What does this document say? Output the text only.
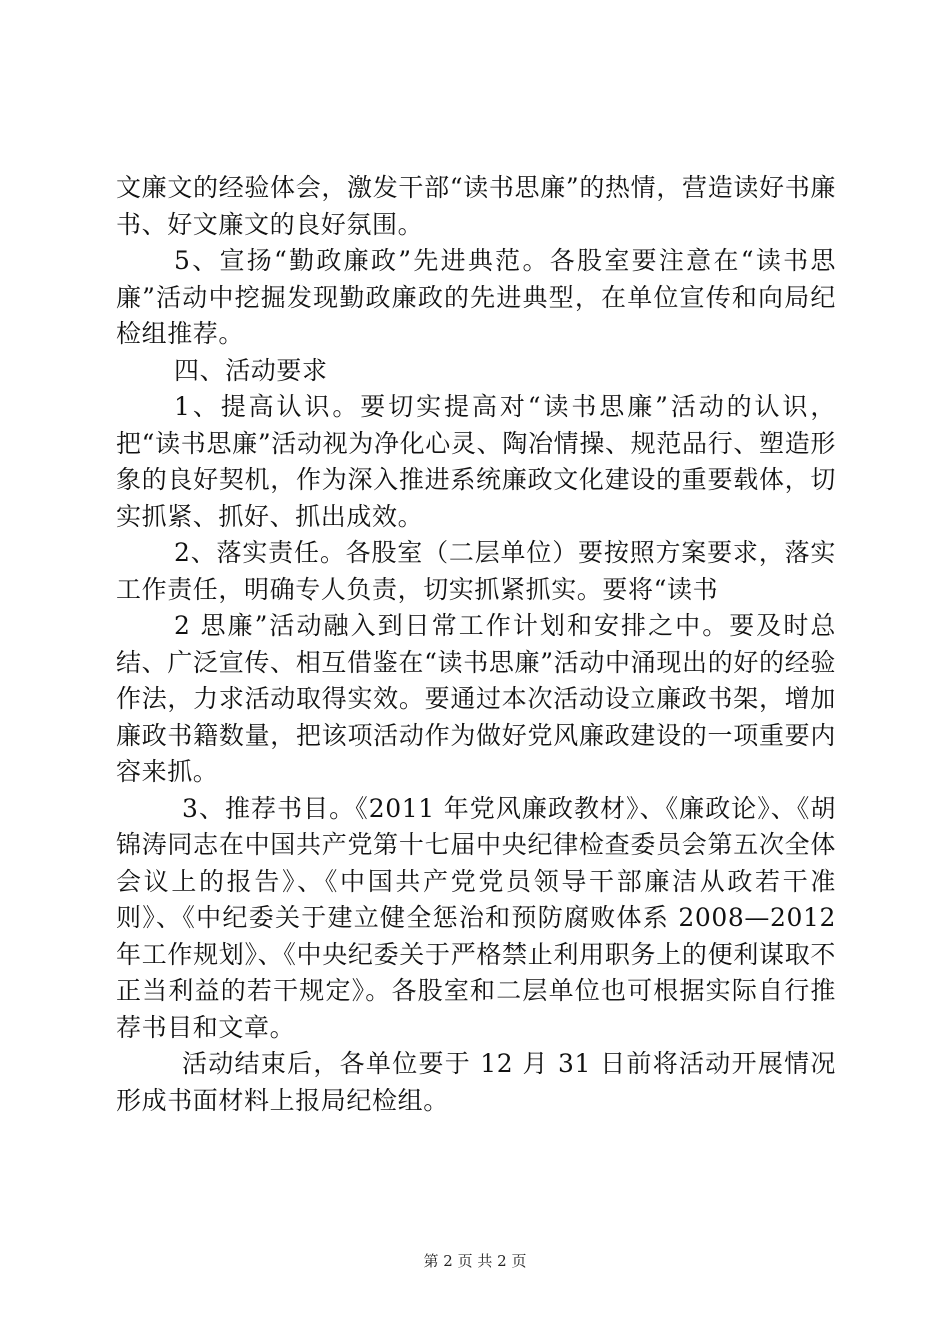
文廉文的经验体会，激发干部“读书思廉”的热情，营造读好书廉书、好文廉文的良好氛围。

5、宣扬“勤政廉政”先进典范。各股室要注意在“读书思廉”活动中挖掘发现勤政廉政的先进典型，在单位宣传和向局纪检组推荐。

四、活动要求

1、提高认识。要切实提高对“读书思廉”活动的认识，把“读书思廉”活动视为净化心灵、陶冶情操、规范品行、塑造形象的良好契机，作为深入推进系统廉政文化建设的重要载体，切实抓紧、抓好、抓出成效。

2、落实责任。各股室（二层单位）要按照方案要求，落实工作责任，明确专人负责，切实抓紧抓实。要将“读书

2 思廉”活动融入到日常工作计划和安排之中。要及时总结、广泛宣传、相互借鉴在“读书思廉”活动中涌现出的好的经验作法，力求活动取得实效。要通过本次活动设立廉政书架，增加廉政书籍数量，把该项活动作为做好党风廉政建设的一项重要内容来抓。

3、推荐书目。《2011 年党风廉政教材》、《廉政论》、《胡锦涛同志在中国共产党第十七届中央纪律检查委员会第五次全体会议上的报告》、《中国共产党党员领导干部廉洁从政若干准则》、《中纪委关于建立健全惩治和预防腐败体系 2008—2012 年工作规划》、《中央纪委关于严格禁止利用职务上的便利谋取不正当利益的若干规定》。各股室和二层单位也可根据实际自行推荐书目和文章。

活动结束后，各单位要于 12 月 31 日前将活动开展情况形成书面材料上报局纪检组。

第 2 页 共 2 页
